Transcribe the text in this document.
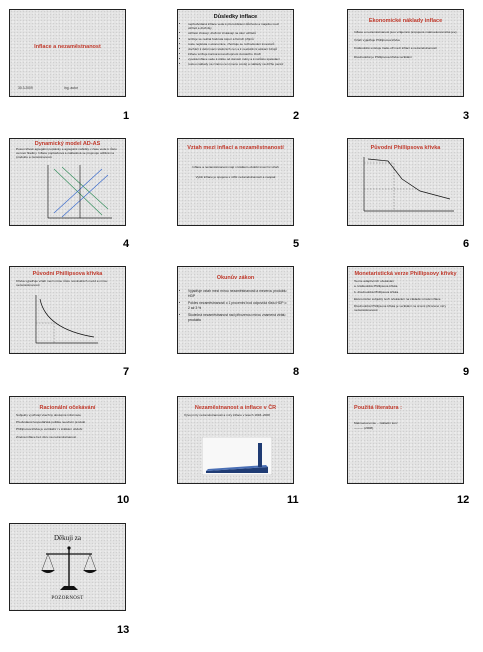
Inflace a nezaměstnanost
30.3.2009	Ing. autor
1
Důsledky inflace
• nepředvídaná inflace vede k přerozdělení důchodu a majetku mezi věřiteli a dlužníky
• věřitelé ztrácejí, dlužníci získávají na úkor věřitelů
• snižuje se reálná hodnota úspor a fixních příjmů
• roste nejistota v ekonomice, zhoršuje se rozhodování investorů
• dochází k deformaci relativních cen a k neefektivní alokaci zdrojů
• inflace snižuje konkurenceschopnost domácího zboží
• vysoká inflace vede k útěku od domácí měny a k nárůstu spekulací
• rostou náklady na změnu cen (menu costs) a náklady na držbu peněz
2
Ekonomické náklady inflace

Inflace a nezaměstnanost jsou vzájemně propojené makroekonomické jevy

Vztah vyjadřuje Phillipsova křivka

Krátkodobě existuje trade-off mezi inflací a nezaměstnaností

Dlouhodobě je Phillipsova křivka vertikální

3
Dynamický model AD-AS

Posun křivek agregátní poptávky a agregátní nabídky v čase vede k růstu cenové hladiny. Inflace poptávková a nákladová se projevuje odlišně na produktu a zaměstnanosti.

4
Vztah mezi inflací a nezaměstnaností

Inflace a nezaměstnanost mají v krátkém období inverzní vztah

Vyšší inflace je spojena s nižší nezaměstnaností a naopak

5
Původní Phillipsova křivka
6
Původní Phillipsova křivka

Křivka vyjadřuje vztah mezi mírou růstu nominálních mezd a mírou nezaměstnanosti

7
Okunův zákon
• Vyjadřuje vztah mezi mírou nezaměstnanosti a mezerou produktu HDP
• Pokles nezaměstnanosti o 1 procentní bod odpovídá růstu HDP o 2 až 3 %
• Skutečná nezaměstnanost nad přirozenou mírou znamená ztrátu produktu
8
Monetaristická verze Phillipsovy křivky

Teorie adaptivních očekávání

a. krátkodobá Phillipsova křivka

b. dlouhodobá Phillipsova křivka

Ekonomické subjekty tvoří očekávání na základě minulé inflace

Dlouhodobá Phillipsova křivka je vertikální na úrovni přirozené míry nezaměstnanosti

9
Racionální očekávání

Subjekty využívají všechny dostupné informace

Předvídaná hospodářská politika neovlivní produkt

Phillipsova křivka je vertikální i v krátkém období

Změna inflace bez vlivu na nezaměstnanost

10
Nezaměstnanost a inflace v ČR

Vývoj míry nezaměstnanosti a míry inflace v letech 1993–2008

11
Použitá literatura :

Makroekonomie – základní kurz

——— (2008)

12
Děkuji za
POZORNOST
13
